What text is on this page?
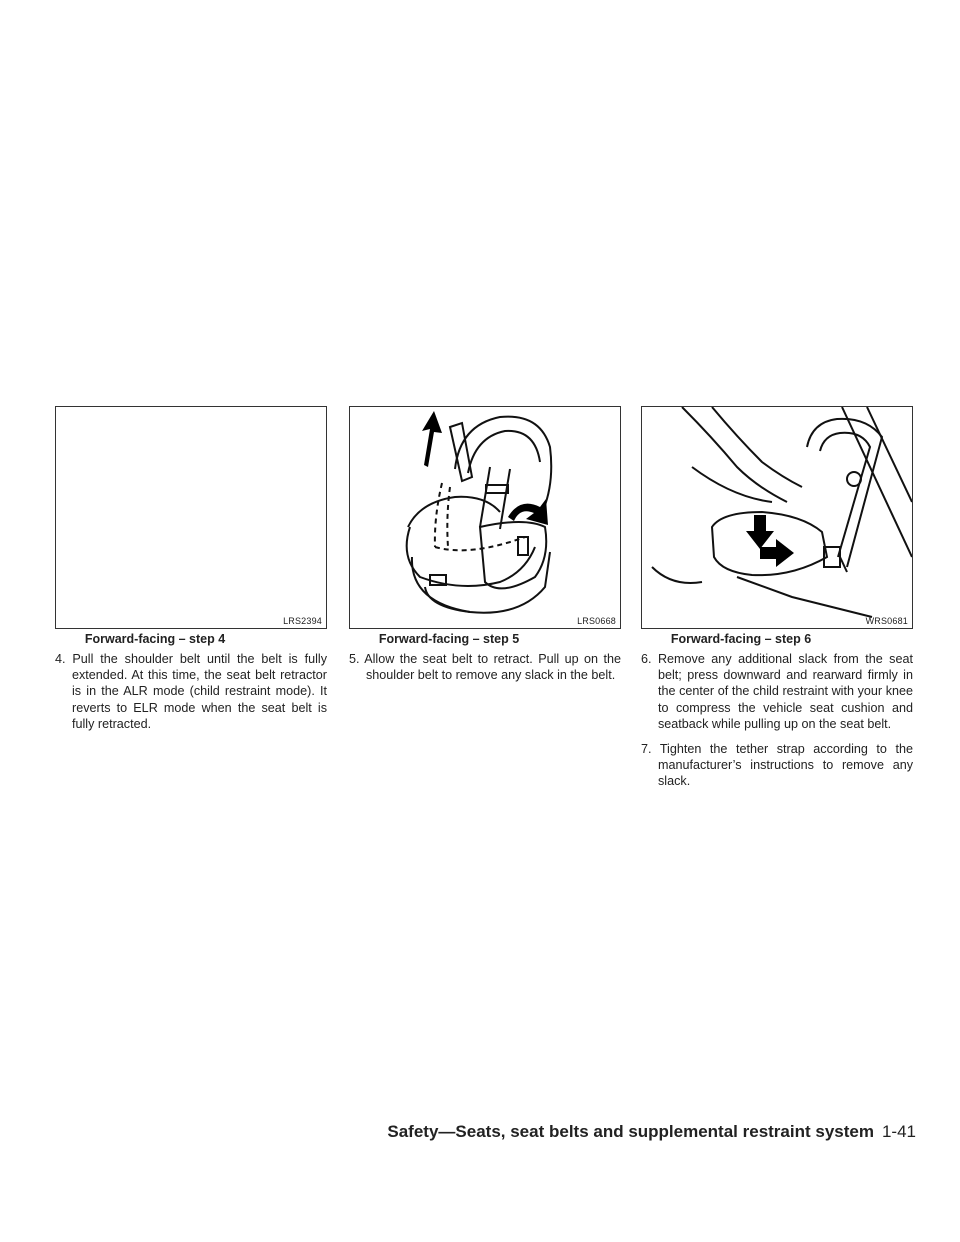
LRS2394
Forward-facing – step 4

4. Pull the shoulder belt until the belt is fully extended. At this time, the seat belt retractor is in the ALR mode (child restraint mode). It reverts to ELR mode when the seat belt is fully retracted.

LRS0668
Forward-facing – step 5

5. Allow the seat belt to retract. Pull up on the shoulder belt to remove any slack in the belt.

WRS0681
Forward-facing – step 6

6. Remove any additional slack from the seat belt; press downward and rearward firmly in the center of the child restraint with your knee to compress the vehicle seat cushion and seatback while pulling up on the seat belt.

7. Tighten the tether strap according to the manufacturer’s instructions to remove any slack.

Safety—Seats, seat belts and supplemental restraint system 1-41
